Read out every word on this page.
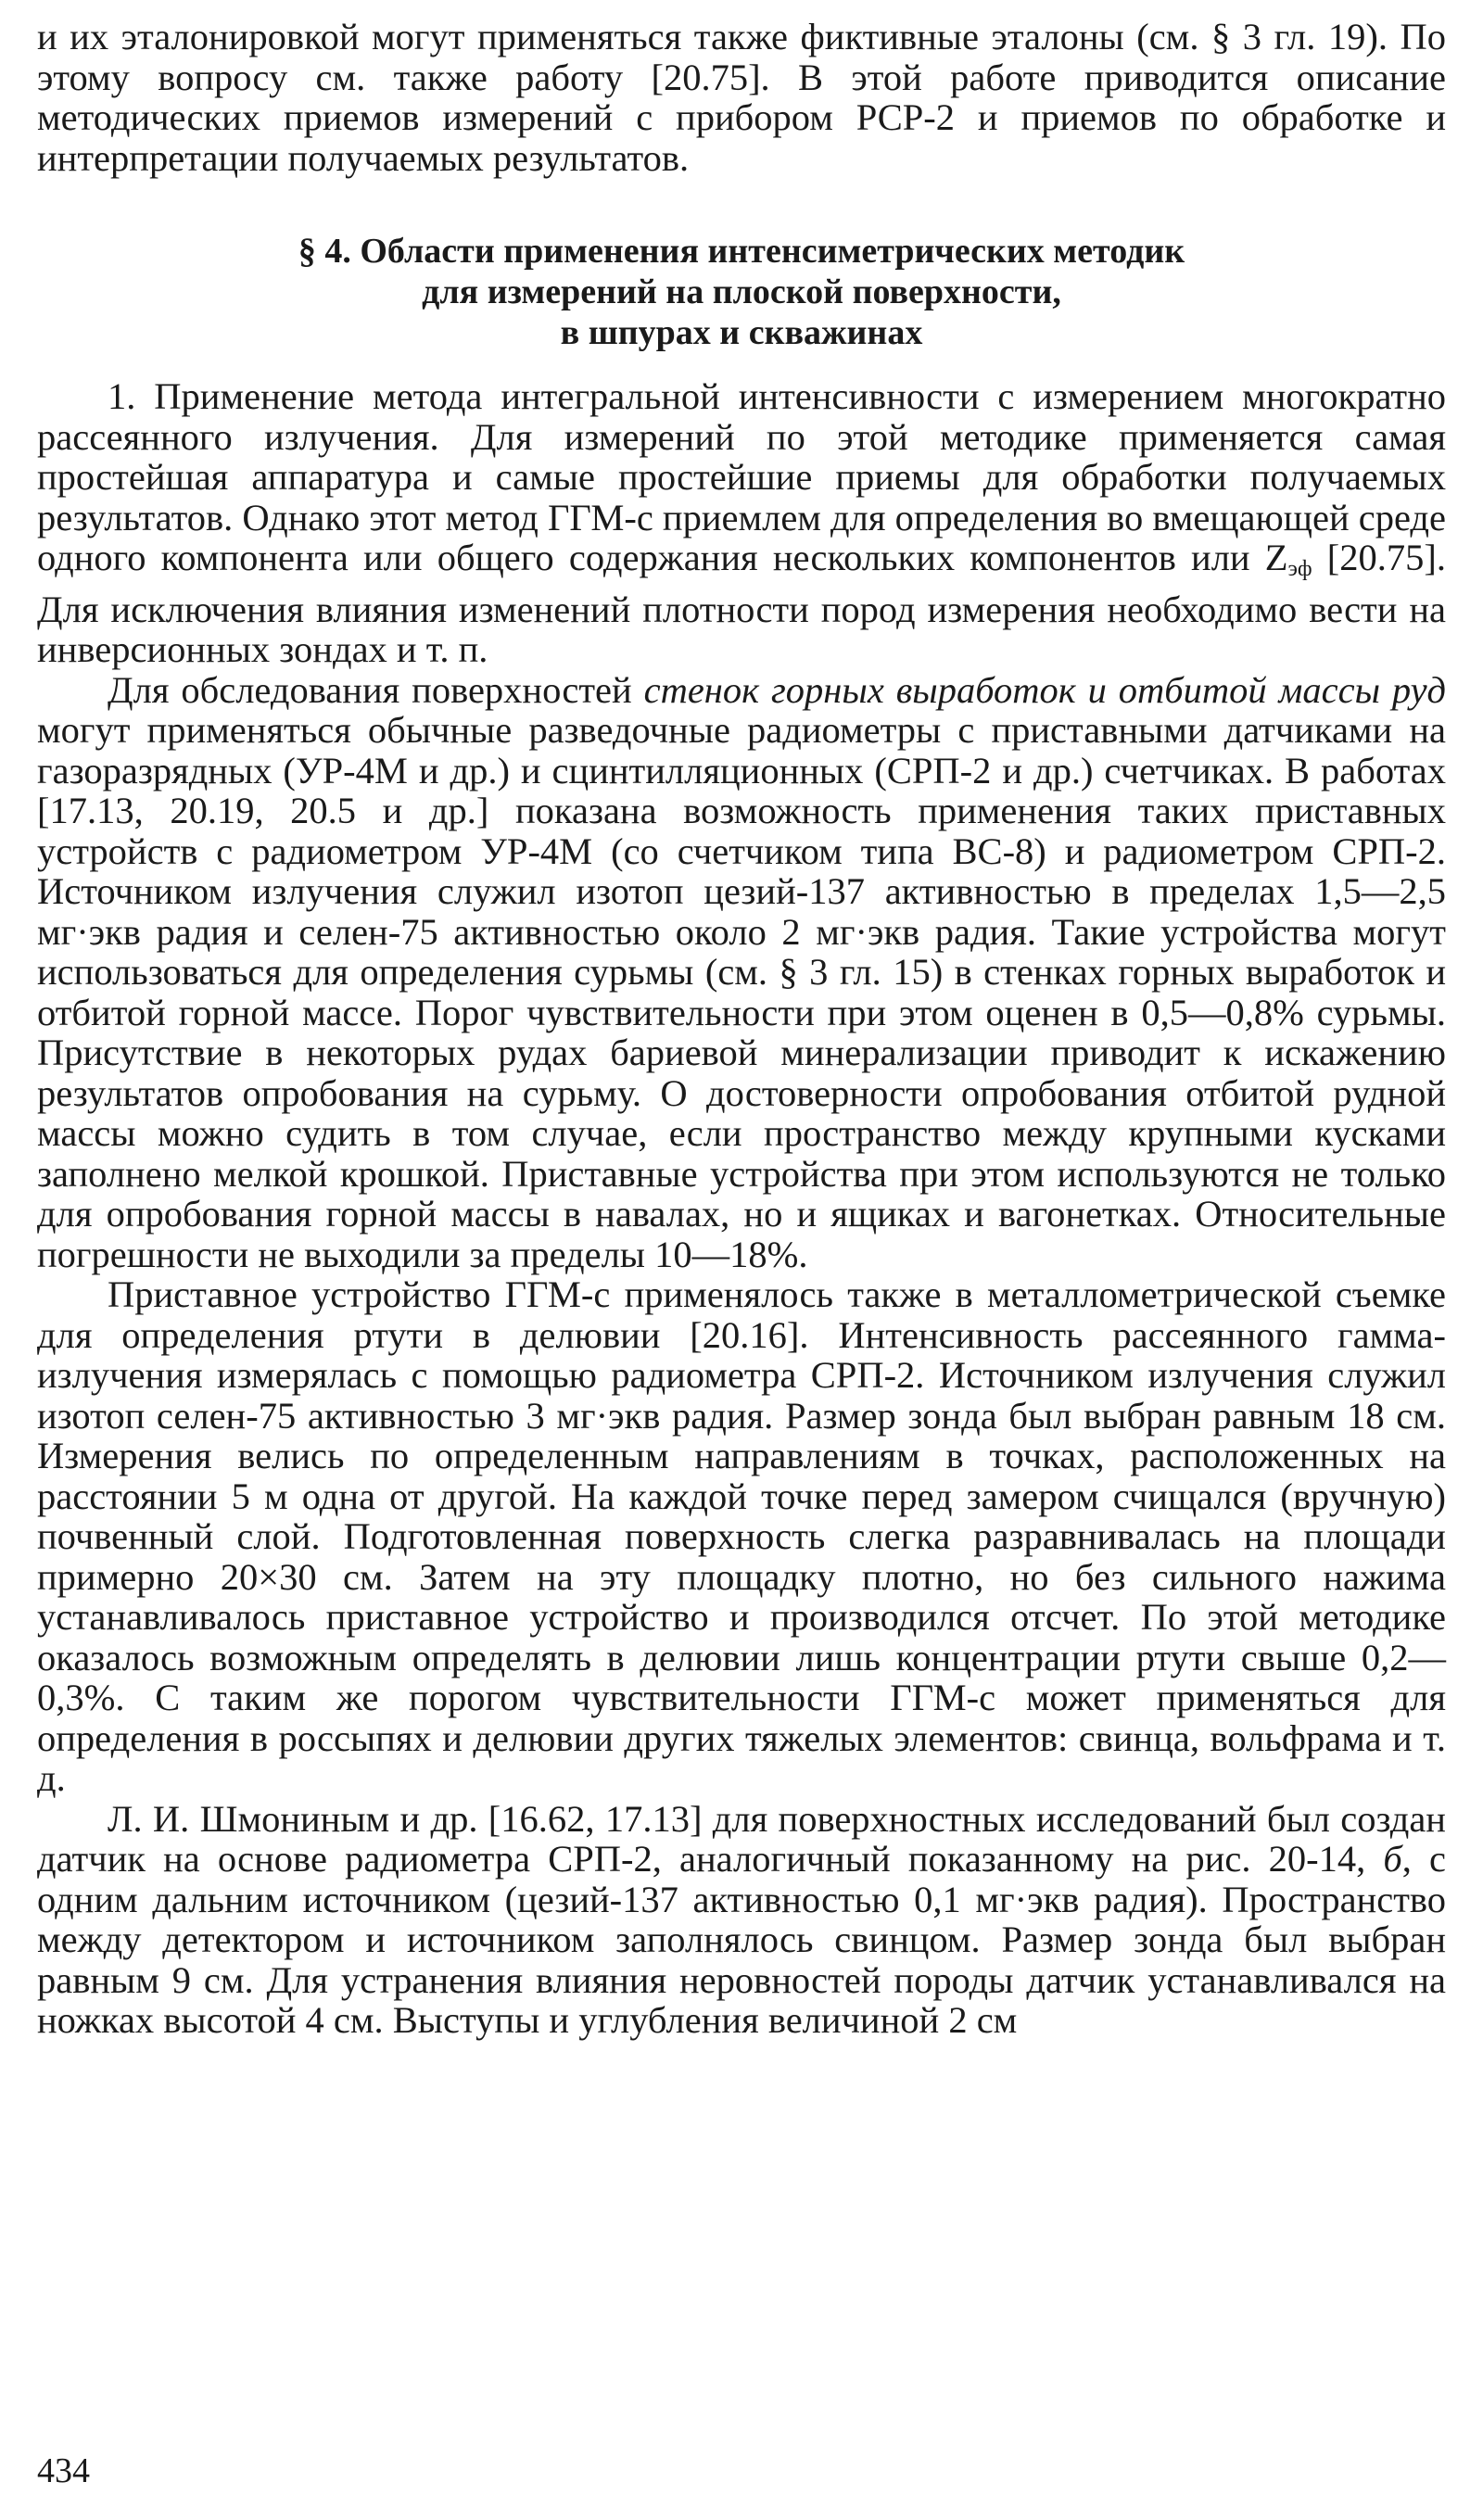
и их эталонировкой могут применяться также фиктивные эталоны (см. § 3 гл. 19). По этому вопросу см. также работу [20.75]. В этой работе приводится описание методических приемов измерений с прибором РСР-2 и приемов по обработке и интерпретации получаемых результатов.

§ 4. Области применения интенсиметрических методик
для измерений на плоской поверхности,
в шпурах и скважинах

1. Применение метода интегральной интенсивности с измерением многократно рассеянного излучения. Для измерений по этой методике применяется самая простейшая аппаратура и самые простейшие приемы для обработки получаемых результатов. Однако этот метод ГГМ-с приемлем для определения во вмещающей среде одного компонента или общего содержания нескольких компонентов или $Z_{эф}$ [20.75]. Для исключения влияния изменений плотности пород измерения необходимо вести на инверсионных зондах и т. п.

Для обследования поверхностей стенок горных выработок и отбитой массы руд могут применяться обычные разведочные радиометры с приставными датчиками на газоразрядных (УР-4М и др.) и сцинтилляционных (СРП-2 и др.) счетчиках. В работах [17.13, 20.19, 20.5 и др.] показана возможность применения таких приставных устройств с радиометром УР-4М (со счетчиком типа ВС-8) и радиометром СРП-2. Источником излучения служил изотоп цезий-137 активностью в пределах 1,5—2,5 мг·экв радия и селен-75 активностью около 2 мг·экв радия. Такие устройства могут использоваться для определения сурьмы (см. § 3 гл. 15) в стенках горных выработок и отбитой горной массе. Порог чувствительности при этом оценен в 0,5—0,8% сурьмы. Присутствие в некоторых рудах бариевой минерализации приводит к искажению результатов опробования на сурьму. О достоверности опробования отбитой рудной массы можно судить в том случае, если пространство между крупными кусками заполнено мелкой крошкой. Приставные устройства при этом используются не только для опробования горной массы в навалах, но и ящиках и вагонетках. Относительные погрешности не выходили за пределы 10—18%.

Приставное устройство ГГМ-с применялось также в металлометрической съемке для определения ртути в делювии [20.16]. Интенсивность рассеянного гамма-излучения измерялась с помощью радиометра СРП-2. Источником излучения служил изотоп селен-75 активностью 3 мг·экв радия. Размер зонда был выбран равным 18 см. Измерения велись по определенным направлениям в точках, расположенных на расстоянии 5 м одна от другой. На каждой точке перед замером счищался (вручную) почвенный слой. Подготовленная поверхность слегка разравнивалась на площади примерно 20×30 см. Затем на эту площадку плотно, но без сильного нажима устанавливалось приставное устройство и производился отсчет. По этой методике оказалось возможным определять в делювии лишь концентрации ртути свыше 0,2—0,3%. С таким же порогом чувствительности ГГМ-с может применяться для определения в россыпях и делювии других тяжелых элементов: свинца, вольфрама и т. д.

Л. И. Шмониным и др. [16.62, 17.13] для поверхностных исследований был создан датчик на основе радиометра СРП-2, аналогичный показанному на рис. 20-14, б, с одним дальним источником (цезий-137 активностью 0,1 мг·экв радия). Пространство между детектором и источником заполнялось свинцом. Размер зонда был выбран равным 9 см. Для устранения влияния неровностей породы датчик устанавливался на ножках высотой 4 см. Выступы и углубления величиной 2 см

434
